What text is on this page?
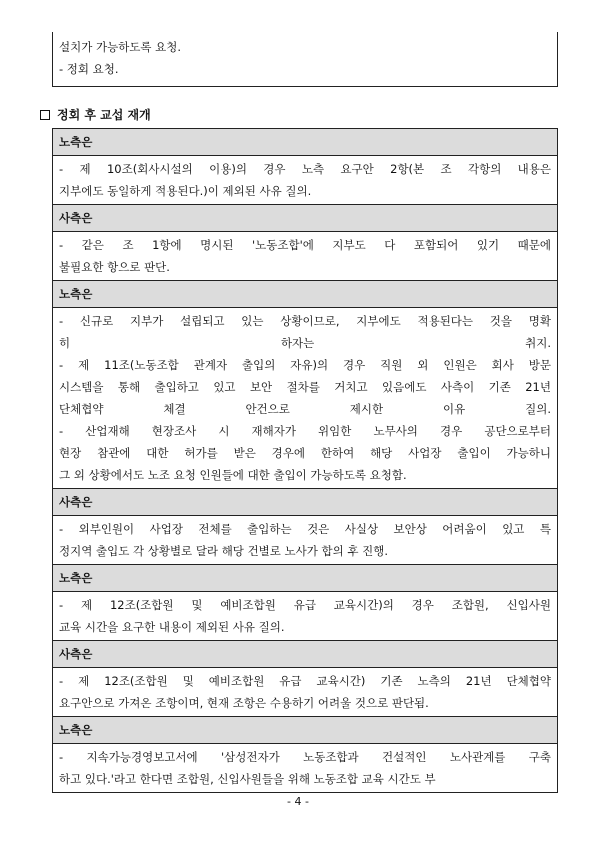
설치가 가능하도록 요청.
- 정회 요청.
정회 후 교섭 재개
노측은

- 제 10조(회사시설의 이용)의 경우 노측 요구안 2항(본 조 각항의 내용은
지부에도 동일하게 적용된다.)이 제외된 사유 질의.

사측은

- 같은 조 1항에 명시된 '노동조합'에 지부도 다 포함되어 있기 때문에
불필요한 항으로 판단.

노측은

- 신규로 지부가 설립되고 있는 상황이므로, 지부에도 적용된다는 것을 명확
히 하자는 취지.
- 제 11조(노동조합 관계자 출입의 자유)의 경우 직원 외 인원은 회사 방문
시스템을 통해 출입하고 있고 보안 절차를 거치고 있음에도 사측이 기존 21년
단체협약 체결 안건으로 제시한 이유 질의.
- 산업재해 현장조사 시 재해자가 위임한 노무사의 경우 공단으로부터
현장 참관에 대한 허가를 받은 경우에 한하여 해당 사업장 출입이 가능하니
그 외 상황에서도 노조 요청 인원들에 대한 출입이 가능하도록 요청함.

사측은

- 외부인원이 사업장 전체를 출입하는 것은 사실상 보안상 어려움이 있고 특
정지역 출입도 각 상황별로 달라 해당 건별로 노사가 합의 후 진행.

노측은

- 제 12조(조합원 및 예비조합원 유급 교육시간)의 경우 조합원, 신입사원
교육 시간을 요구한 내용이 제외된 사유 질의.

사측은

- 제 12조(조합원 및 예비조합원 유급 교육시간) 기존 노측의 21년 단체협약
요구안으로 가져온 조항이며, 현재 조항은 수용하기 어려울 것으로 판단됨.

노측은

- 지속가능경영보고서에 '삼성전자가 노동조합과 건설적인 노사관계를 구축
하고 있다.'라고 한다면 조합원, 신입사원들을 위해 노동조합 교육 시간도 부
- 4 -
